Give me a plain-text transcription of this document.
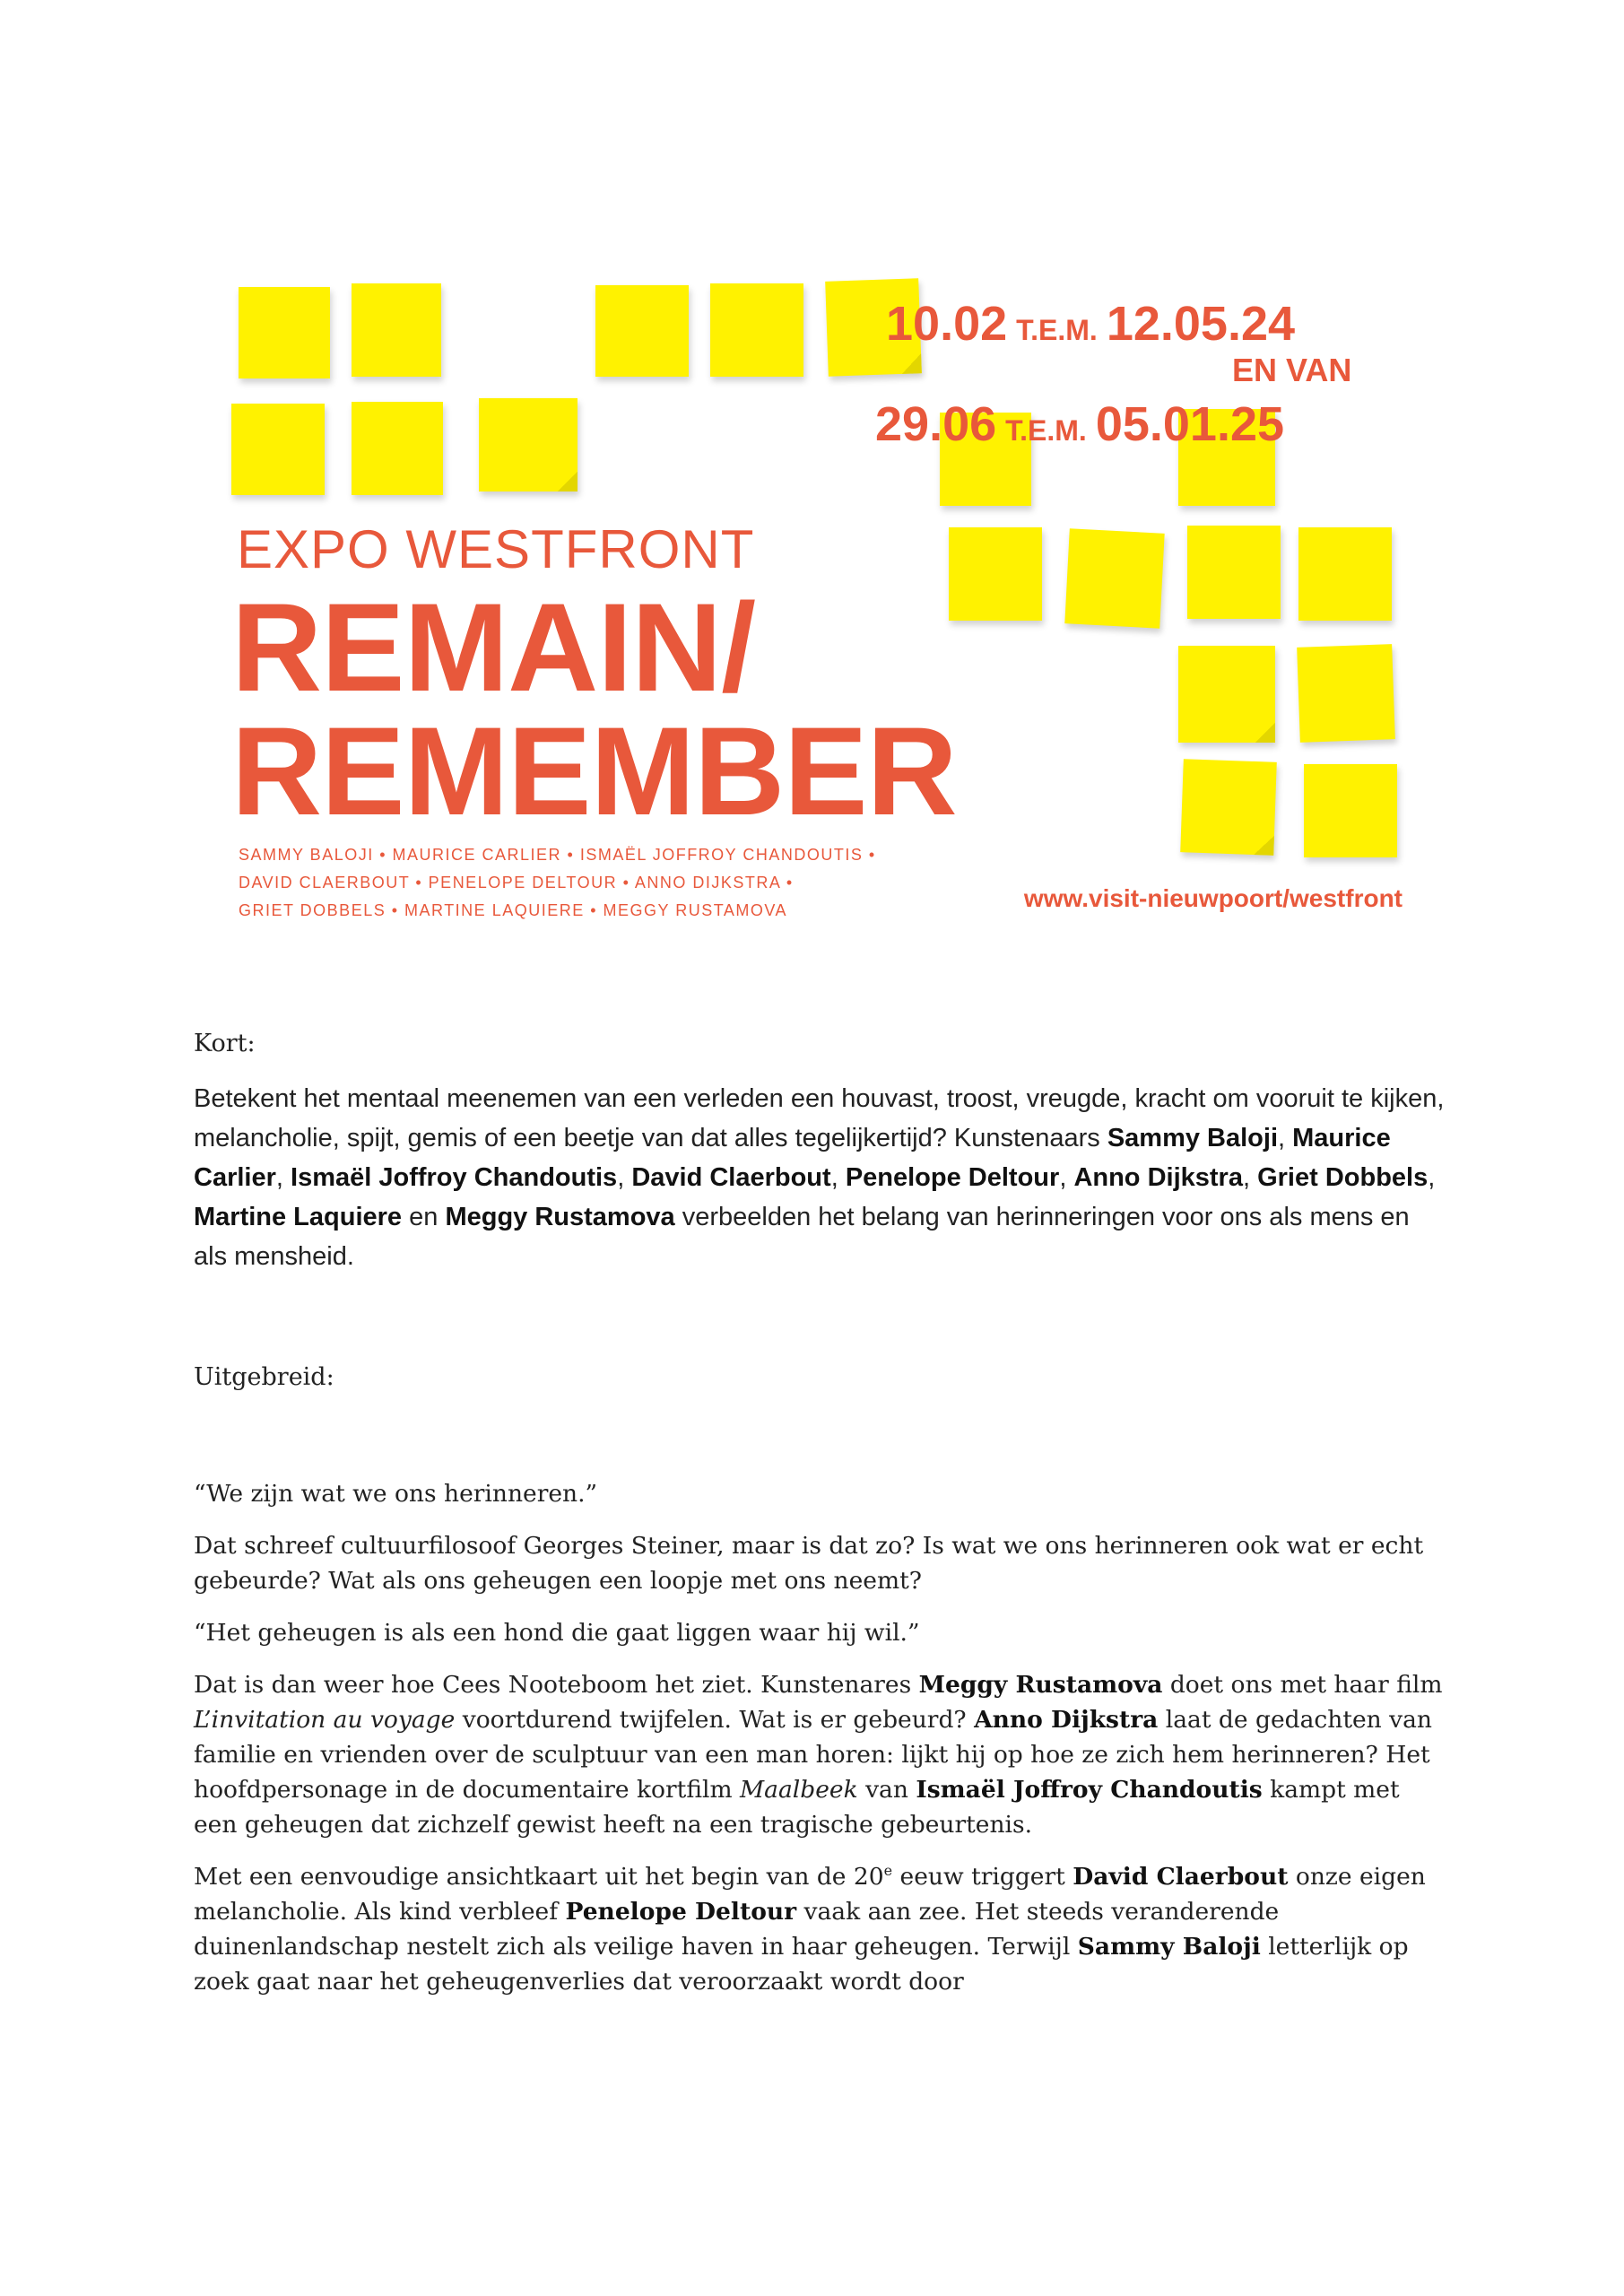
10.02 T.E.M. 12.05.24
EN VAN
29.06 T.E.M. 05.01.25
EXPO WESTFRONT
REMAIN/
REMEMBER
SAMMY BALOJI • MAURICE CARLIER • ISMAËL JOFFROY CHANDOUTIS •
DAVID CLAERBOUT • PENELOPE DELTOUR • ANNO DIJKSTRA •
GRIET DOBBELS • MARTINE LAQUIERE • MEGGY RUSTAMOVA	www.visit-nieuwpoort/westfront
Kort:

Betekent het mentaal meenemen van een verleden een houvast, troost, vreugde, kracht om vooruit te kijken, melancholie, spijt, gemis of een beetje van dat alles tegelijkertijd? Kunstenaars Sammy Baloji, Maurice Carlier, Ismaël Joffroy Chandoutis, David Claerbout, Penelope Deltour, Anno Dijkstra, Griet Dobbels, Martine Laquiere en Meggy Rustamova verbeelden het belang van herinneringen voor ons als mens en als mensheid.

Uitgebreid:

“We zijn wat we ons herinneren.”

Dat schreef cultuurfilosoof Georges Steiner, maar is dat zo? Is wat we ons herinneren ook wat er echt gebeurde? Wat als ons geheugen een loopje met ons neemt?

“Het geheugen is als een hond die gaat liggen waar hij wil.”

Dat is dan weer hoe Cees Nooteboom het ziet. Kunstenares Meggy Rustamova doet ons met haar film L’invitation au voyage voortdurend twijfelen. Wat is er gebeurd? Anno Dijkstra laat de gedachten van familie en vrienden over de sculptuur van een man horen: lijkt hij op hoe ze zich hem herinneren? Het hoofdpersonage in de documentaire kortfilm Maalbeek van Ismaël Joffroy Chandoutis kampt met een geheugen dat zichzelf gewist heeft na een tragische gebeurtenis.

Met een eenvoudige ansichtkaart uit het begin van de 20e eeuw triggert David Claerbout onze eigen melancholie. Als kind verbleef Penelope Deltour vaak aan zee. Het steeds veranderende duinenlandschap nestelt zich als veilige haven in haar geheugen. Terwijl Sammy Baloji letterlijk op zoek gaat naar het geheugenverlies dat veroorzaakt wordt door
